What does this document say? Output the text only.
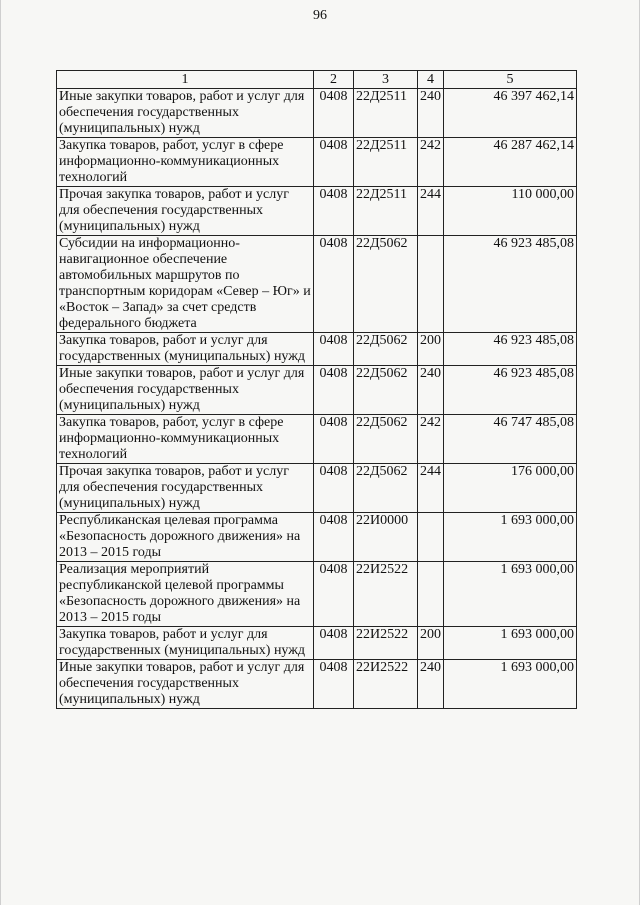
96
1	2	3	4	5
Иные закупки товаров, работ и услуг для обеспечения государственных (муниципальных) нужд	0408	22Д2511	240	46 397 462,14
Закупка товаров, работ, услуг в сфере информационно-коммуникационных технологий	0408	22Д2511	242	46 287 462,14
Прочая закупка товаров, работ и услуг для обеспечения государственных (муниципальных) нужд	0408	22Д2511	244	110 000,00
Субсидии на информационно-навигационное обеспечение автомобильных маршрутов по транспортным коридорам «Север – Юг» и «Восток – Запад» за счет средств федерального бюджета	0408	22Д5062		46 923 485,08
Закупка товаров, работ и услуг для государственных (муниципальных) нужд	0408	22Д5062	200	46 923 485,08
Иные закупки товаров, работ и услуг для обеспечения государственных (муниципальных) нужд	0408	22Д5062	240	46 923 485,08
Закупка товаров, работ, услуг в сфере информационно-коммуникационных технологий	0408	22Д5062	242	46 747 485,08
Прочая закупка товаров, работ и услуг для обеспечения государственных (муниципальных) нужд	0408	22Д5062	244	176 000,00
Республиканская целевая программа «Безопасность дорожного движения» на 2013 – 2015 годы	0408	22И0000		1 693 000,00
Реализация мероприятий республиканской целевой программы «Безопасность дорожного движения» на 2013 – 2015 годы	0408	22И2522		1 693 000,00
Закупка товаров, работ и услуг для государственных (муниципальных) нужд	0408	22И2522	200	1 693 000,00
Иные закупки товаров, работ и услуг для обеспечения государственных (муниципальных) нужд	0408	22И2522	240	1 693 000,00
